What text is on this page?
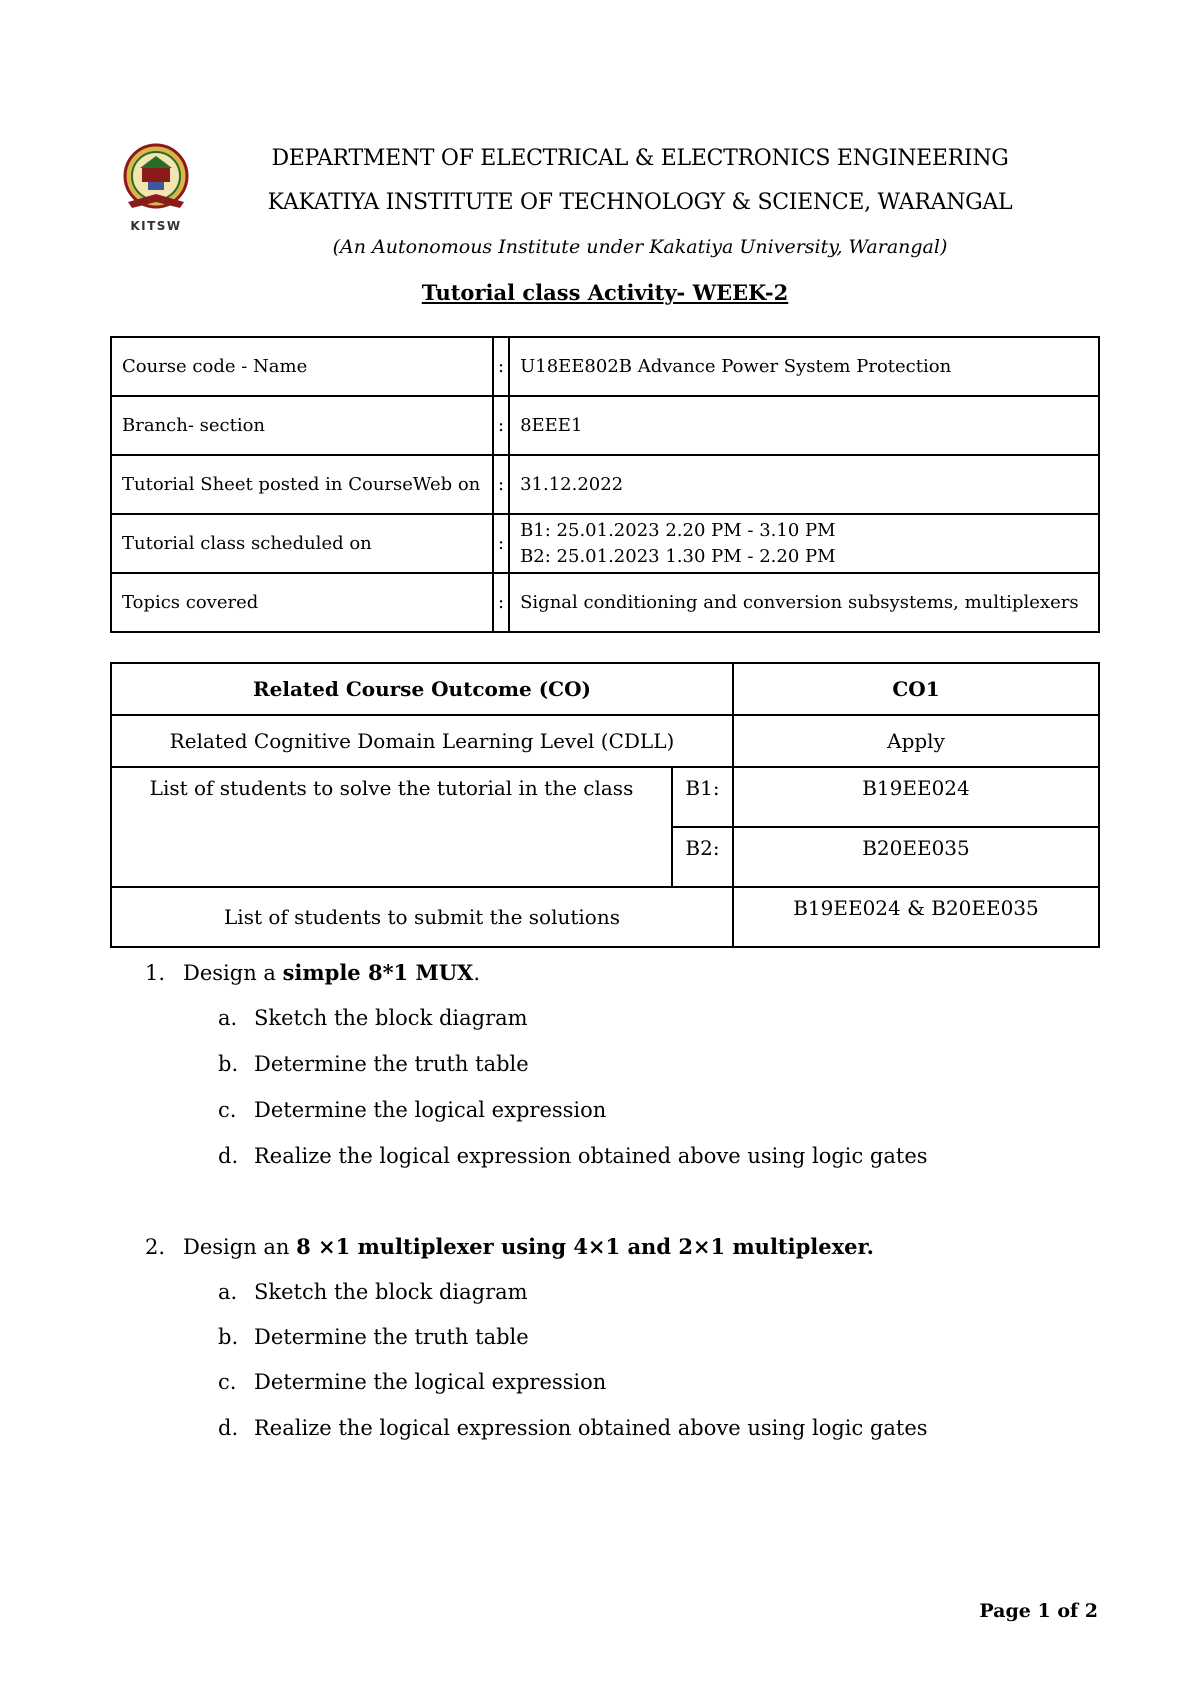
KITSW
DEPARTMENT OF ELECTRICAL & ELECTRONICS ENGINEERING
KAKATIYA INSTITUTE OF TECHNOLOGY & SCIENCE, WARANGAL
(An Autonomous Institute under Kakatiya University, Warangal)
Tutorial class Activity- WEEK-2
Course code - Name	:	U18EE802B Advance Power System Protection
Branch- section	:	8EEE1
Tutorial Sheet posted in CourseWeb on	:	31.12.2022
Tutorial class scheduled on	:	B1: 25.01.2023 2.20 PM - 3.10 PM
B2: 25.01.2023 1.30 PM - 2.20 PM

Topics covered	:	Signal conditioning and conversion subsystems, multiplexers
Related Course Outcome (CO)		CO1
Related Cognitive Domain Learning Level (CDLL)		Apply
List of students to solve the tutorial in the class	B1:	B19EE024
	B2:	B20EE035
List of students to submit the solutions		B19EE024 & B20EE035
1. Design a simple 8*1 MUX.
a. Sketch the block diagram
b. Determine the truth table
c. Determine the logical expression
d. Realize the logical expression obtained above using logic gates
2. Design an 8 ×1 multiplexer using 4×1 and 2×1 multiplexer.
a. Sketch the block diagram
b. Determine the truth table
c. Determine the logical expression
d. Realize the logical expression obtained above using logic gates
Page 1 of 2
